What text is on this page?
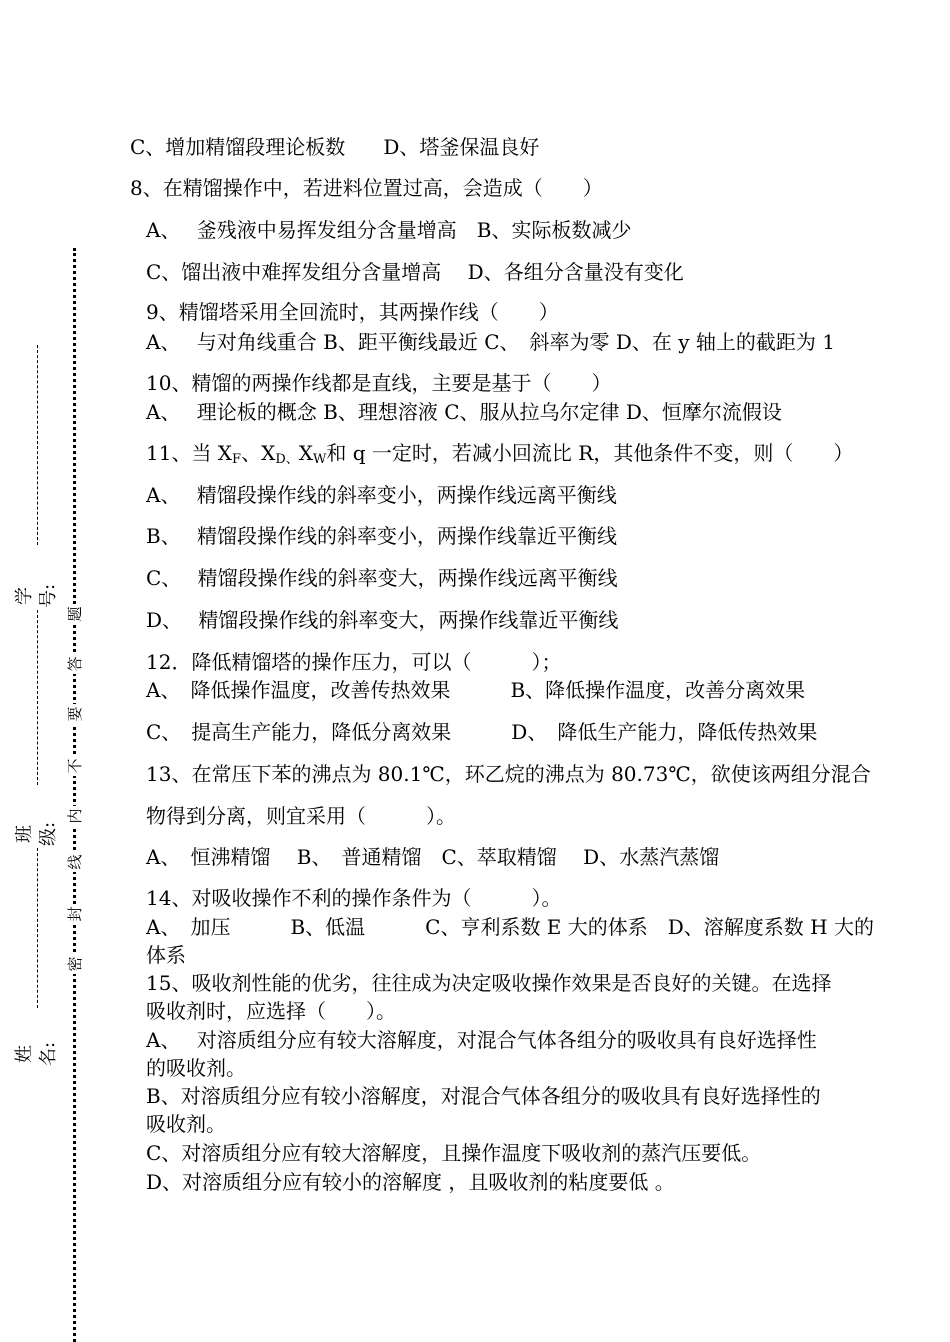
学号:
班级:
姓名:
题
答
要
不
内
线
封
密
C、增加精馏段理论板数 D、塔釜保温良好
8、在精馏操作中，若进料位置过高，会造成（　　）
A、　 釜残液中易挥发组分含量增高　B、实际板数减少
C、馏出液中难挥发组分含量增高　 D、各组分含量没有变化
9、精馏塔采用全回流时，其两操作线（　　）
A、　 与对角线重合 B、距平衡线最近 C、　斜率为零 D、在 y 轴上的截距为 1
10、精馏的两操作线都是直线，主要是基于（　　）
A、　 理论板的概念 B、理想溶液 C、服从拉乌尔定律 D、恒摩尔流假设
11、当 $X_F$、$X_{D、}X_W$和 q 一定时，若减小回流比 R，其他条件不变，则（　　）
A、　 精馏段操作线的斜率变小，两操作线远离平衡线
B、　 精馏段操作线的斜率变小，两操作线靠近平衡线
C、　 精馏段操作线的斜率变大，两操作线远离平衡线
D、　 精馏段操作线的斜率变大，两操作线靠近平衡线
12．降低精馏塔的操作压力，可以（　　　）；
A、　降低操作温度，改善传热效果　　　B、降低操作温度，改善分离效果
C、　提高生产能力，降低分离效果　　　D、　降低生产能力，降低传热效果
13、在常压下苯的沸点为 80.1℃，环乙烷的沸点为 80.73℃，欲使该两组分混合
物得到分离，则宜采用（　　　）。
A、　恒沸精馏　 B、　普通精馏　C、萃取精馏　 D、水蒸汽蒸馏
14、对吸收操作不利的操作条件为（　　　）。
A、　加压　　　B、低温　　　C、亨利系数 E 大的体系　D、溶解度系数 H 大的
体系
15、吸收剂性能的优劣，往往成为决定吸收操作效果是否良好的关键。在选择
吸收剂时，应选择（　　）。
A、　 对溶质组分应有较大溶解度，对混合气体各组分的吸收具有良好选择性
的吸收剂。
B、对溶质组分应有较小溶解度，对混合气体各组分的吸收具有良好选择性的
吸收剂。
C、对溶质组分应有较大溶解度，且操作温度下吸收剂的蒸汽压要低。
D、对溶质组分应有较小的溶解度 ，且吸收剂的粘度要低 。
